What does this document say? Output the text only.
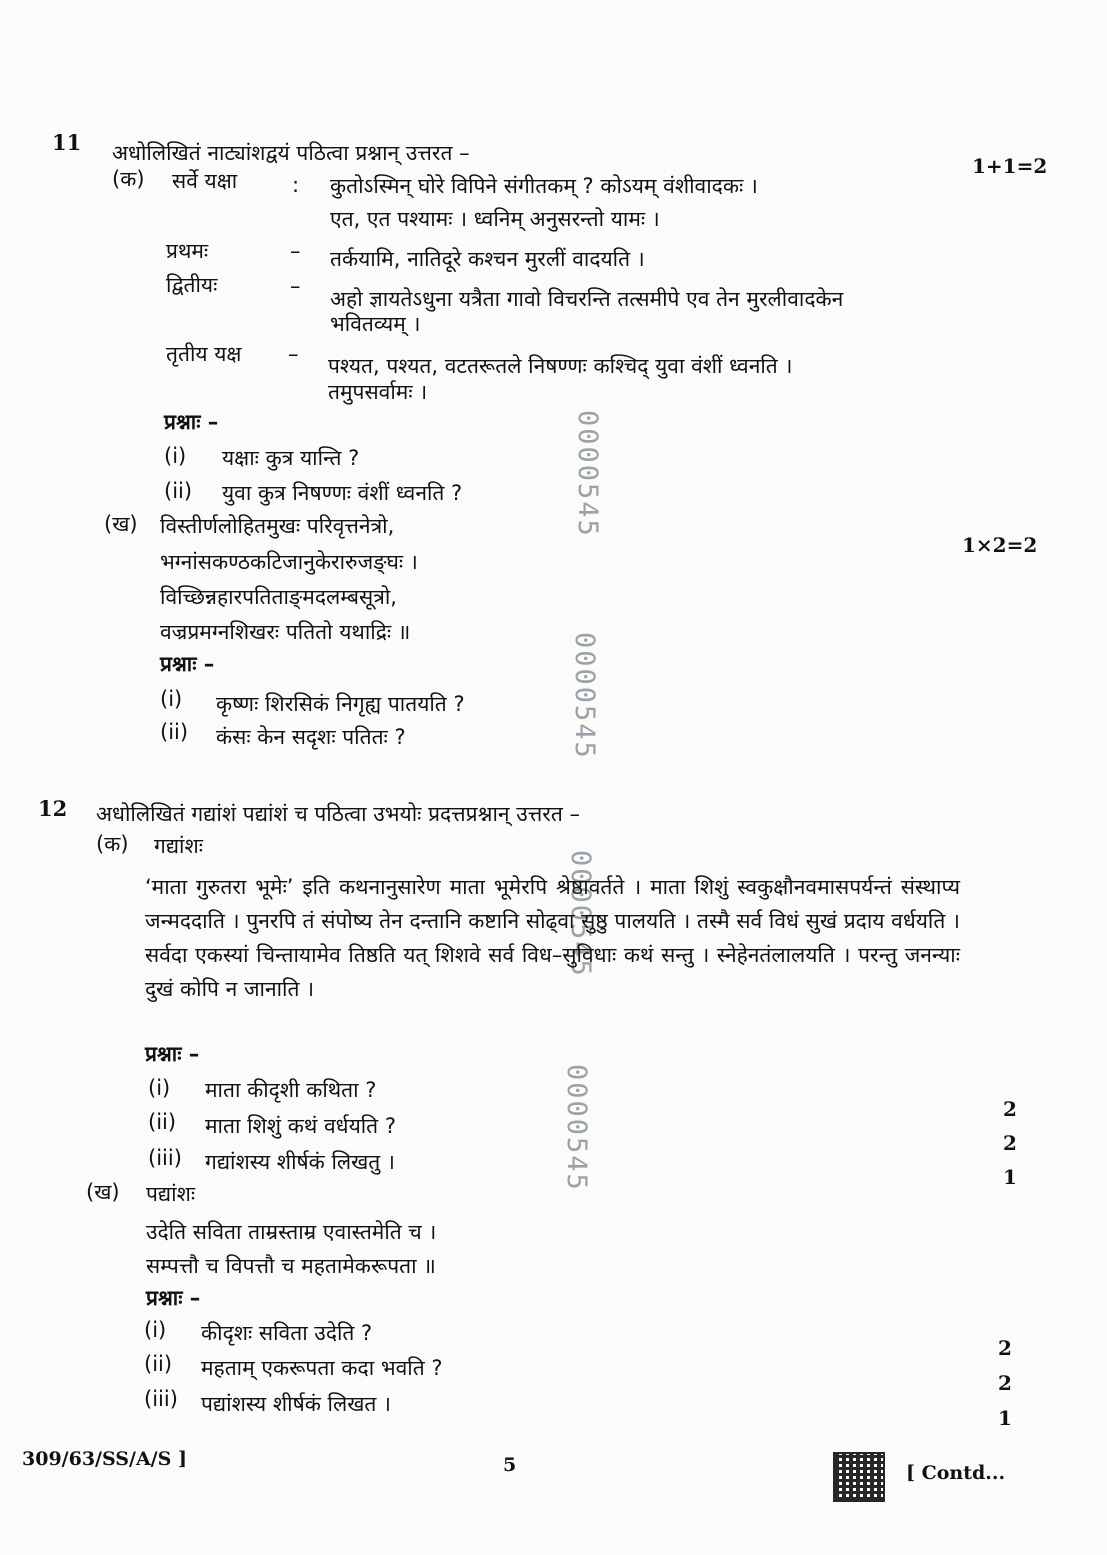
0000545
0000545
0000545
0000545
11 अधोलिखितं नाट्यांशद्वयं पठित्वा प्रश्नान् उत्तरत –
1+1=2
(क) सर्वे यक्षा	: कुतोऽस्मिन् घोरे विपिने संगीतकम् ? कोऽयम् वंशीवादकः ।
एत, एत पश्यामः । ध्वनिम् अनुसरन्तो यामः ।
प्रथमः	– तर्कयामि, नातिदूरे कश्चन मुरलीं वादयति ।
द्वितीयः	–
अहो ज्ञायतेऽधुना यत्रैता गावो विचरन्ति तत्समीपे एव तेन मुरलीवादकेन
भवितव्यम् ।
तृतीय यक्ष – पश्यत, पश्यत, वटतरूतले निषण्णः कश्चिद् युवा वंशीं ध्वनति ।
तमुपसर्वामः ।
प्रश्नाः –
(i) यक्षाः कुत्र यान्ति ?
(ii) युवा कुत्र निषण्णः वंशीं ध्वनति ?
(ख) विस्तीर्णलोहितमुखः परिवृत्तनेत्रो,
1×2=2
भग्नांसकण्ठकटिजानुकेरारुजङ्‌घः ।
विच्छिन्नहारपतिताङ्‌मदलम्बसूत्रो,
वज्रप्रमग्नशिखरः पतितो यथाद्रिः ॥
प्रश्नाः –
(i) कृष्णः शिरसिकं निगृह्य पातयति ?
(ii) कंसः केन सदृशः पतितः ?
12 अधोलिखितं गद्यांशं पद्यांशं च पठित्वा उभयोः प्रदत्तप्रश्नान् उत्तरत –
(क) गद्यांशः
‘माता गुरुतरा भूमेः’ इति कथनानुसारेण माता भूमेरपि श्रेष्ठावर्तते । माता शिशुं स्वकुक्षौनवमासपर्यन्तं संस्थाप्य जन्मददाति । पुनरपि तं संपोष्य तेन दन्तानि कष्टानि सोढ्वा सुष्ठु पालयति । तस्मै सर्व विधं सुखं प्रदाय वर्धयति । सर्वदा एकस्यां चिन्तायामेव तिष्ठति यत् शिशवे सर्व विध–सुविधाः कथं सन्तु । स्नेहेनतंलालयति । परन्तु जनन्याः दुखं कोपि न जानाति ।
प्रश्नाः –
(i) माता कीदृशी कथिता ?
(ii) माता शिशुं कथं वर्धयति ?
(iii) गद्यांशस्य शीर्षकं लिखतु ।
2
2
1
(ख) पद्यांशः
उदेति सविता ताम्रस्ताम्र एवास्तमेति च ।
सम्पत्तौ च विपत्तौ च महतामेकरूपता ॥
प्रश्नाः –
(i) कीदृशः सविता उदेति ?
(ii) महताम् एकरूपता कदा भवति ?
(iii) पद्यांशस्य शीर्षकं लिखत ।
2
2
1
309/63/SS/A/S ]	5	[ Contd...
